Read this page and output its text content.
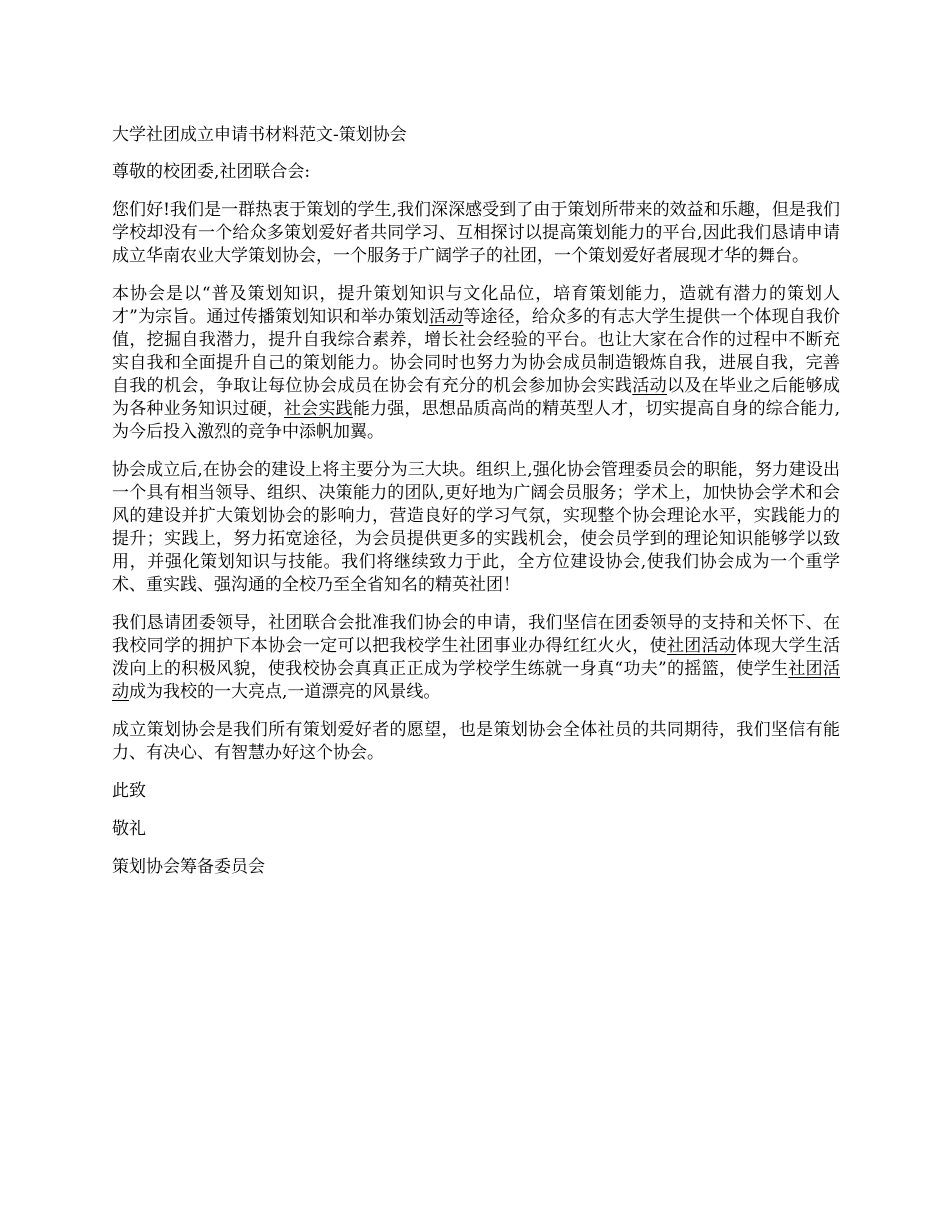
大学社团成立申请书材料范文-策划协会

尊敬的校团委,社团联合会:

您们好!我们是一群热衷于策划的学生,我们深深感受到了由于策划所带来的效益和乐趣，但是我们学校却没有一个给众多策划爱好者共同学习、互相探讨以提高策划能力的平台,因此我们恳请申请成立华南农业大学策划协会，一个服务于广阔学子的社团，一个策划爱好者展现才华的舞台。

本协会是以“普及策划知识，提升策划知识与文化品位，培育策划能力，造就有潜力的策划人才”为宗旨。通过传播策划知识和举办策划活动等途径，给众多的有志大学生提供一个体现自我价值，挖掘自我潜力，提升自我综合素养，增长社会经验的平台。也让大家在合作的过程中不断充实自我和全面提升自己的策划能力。协会同时也努力为协会成员制造锻炼自我，进展自我，完善自我的机会，争取让每位协会成员在协会有充分的机会参加协会实践活动以及在毕业之后能够成为各种业务知识过硬，社会实践能力强，思想品质高尚的精英型人才，切实提高自身的综合能力,为今后投入激烈的竞争中添帆加翼。

协会成立后,在协会的建设上将主要分为三大块。组织上,强化协会管理委员会的职能，努力建设出一个具有相当领导、组织、决策能力的团队,更好地为广阔会员服务；学术上，加快协会学术和会风的建设并扩大策划协会的影响力，营造良好的学习气氛，实现整个协会理论水平，实践能力的提升；实践上，努力拓宽途径，为会员提供更多的实践机会，使会员学到的理论知识能够学以致用，并强化策划知识与技能。我们将继续致力于此，全方位建设协会,使我们协会成为一个重学术、重实践、强沟通的全校乃至全省知名的精英社团！

我们恳请团委领导，社团联合会批准我们协会的申请，我们坚信在团委领导的支持和关怀下、在我校同学的拥护下本协会一定可以把我校学生社团事业办得红红火火，使社团活动体现大学生活泼向上的积极风貌，使我校协会真真正正成为学校学生练就一身真“功夫”的摇篮，使学生社团活动成为我校的一大亮点,一道漂亮的风景线。

成立策划协会是我们所有策划爱好者的愿望，也是策划协会全体社员的共同期待，我们坚信有能力、有决心、有智慧办好这个协会。

此致

敬礼

策划协会筹备委员会
